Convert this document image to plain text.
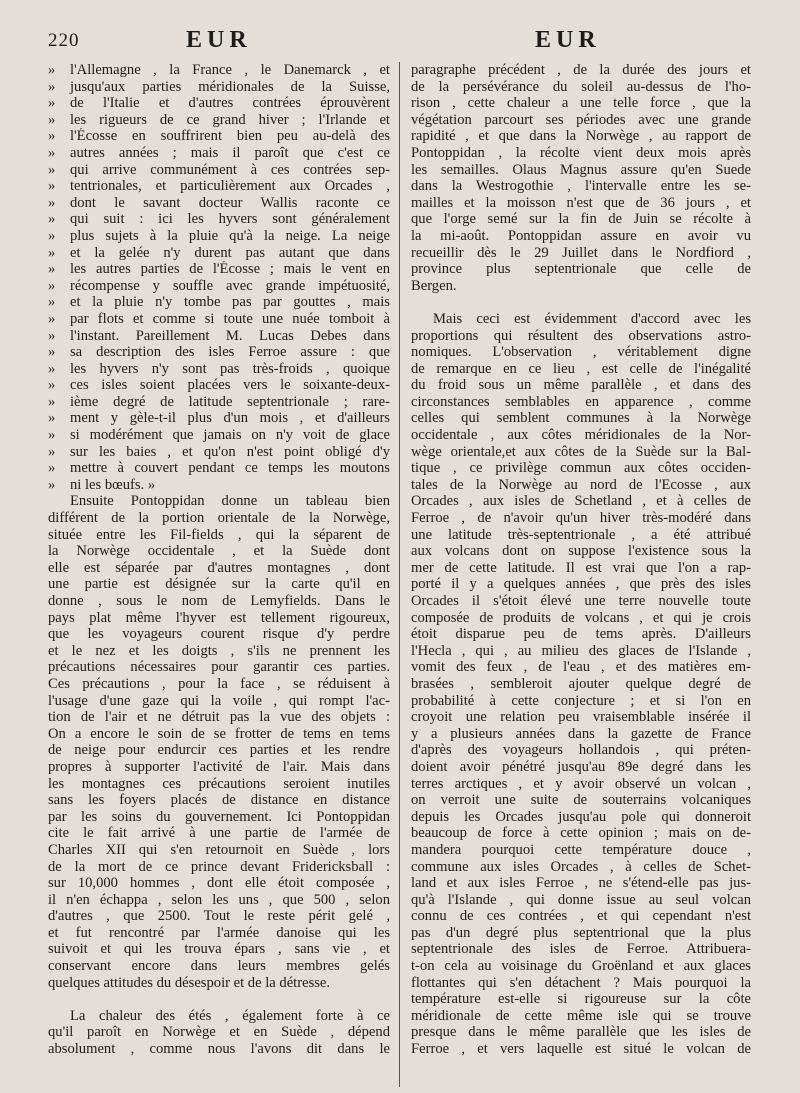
220	EUR	EUR
» l'Allemagne , la France , le Danemarck , et
» jusqu'aux parties méridionales de la Suisse,
» de l'Italie et d'autres contrées éprouvèrent
» les rigueurs de ce grand hiver ; l'Irlande et
» l'Écosse en souffrirent bien peu au-delà des
» autres années ; mais il paroît que c'est ce
» qui arrive communément à ces contrées sep-
» tentrionales, et particulièrement aux Orcades ,
» dont le savant docteur Wallis raconte ce
» qui suit : ici les hyvers sont généralement
» plus sujets à la pluie qu'à la neige. La neige
» et la gelée n'y durent pas autant que dans
» les autres parties de l'Écosse ; mais le vent en
» récompense y souffle avec grande impétuosité,
» et la pluie n'y tombe pas par gouttes , mais
» par flots et comme si toute une nuée tomboit à
» l'instant. Pareillement M. Lucas Debes dans
» sa description des isles Ferroe assure : que
» les hyvers n'y sont pas très-froids , quoique
» ces isles soient placées vers le soixante-deux-
» ième degré de latitude septentrionale ; rare-
» ment y gèle-t-il plus d'un mois , et d'ailleurs
» si modérément que jamais on n'y voit de glace
» sur les baies , et qu'on n'est point obligé d'y
» mettre à couvert pendant ce temps les moutons
» ni les bœufs. »
Ensuite Pontoppidan donne un tableau bien
différent de la portion orientale de la Norwège,
située entre les Fil-fields , qui la séparent de
la Norwège occidentale , et la Suède dont
elle est séparée par d'autres montagnes , dont
une partie est désignée sur la carte qu'il en
donne , sous le nom de Lemyfields. Dans le
pays plat même l'hyver est tellement rigoureux,
que les voyageurs courent risque d'y perdre
et le nez et les doigts , s'ils ne prennent les
précautions nécessaires pour garantir ces parties.
Ces précautions , pour la face , se réduisent à
l'usage d'une gaze qui la voile , qui rompt l'ac-
tion de l'air et ne détruit pas la vue des objets :
On a encore le soin de se frotter de tems en tems
de neige pour endurcir ces parties et les rendre
propres à supporter l'activité de l'air. Mais dans
les montagnes ces précautions seroient inutiles
sans les foyers placés de distance en distance
par les soins du gouvernement. Ici Pontoppidan
cite le fait arrivé à une partie de l'armée de
Charles XII qui s'en retournoit en Suède , lors
de la mort de ce prince devant Fridericksball :
sur 10,000 hommes , dont elle étoit composée ,
il n'en échappa , selon les uns , que 500 , selon
d'autres , que 2500. Tout le reste périt gelé ,
et fut rencontré par l'armée danoise qui les
suivoit et qui les trouva épars , sans vie , et
conservant encore dans leurs membres gelés
quelques attitudes du désespoir et de la détresse.
La chaleur des étés , également forte à ce
qu'il paroît en Norwège et en Suède , dépend
absolument , comme nous l'avons dit dans le
paragraphe précédent , de la durée des jours et
de la persévérance du soleil au-dessus de l'ho-
rison , cette chaleur a une telle force , que la
végétation parcourt ses périodes avec une grande
rapidité , et que dans la Norwège , au rapport de
Pontoppidan , la récolte vient deux mois après
les semailles. Olaus Magnus assure qu'en Suede
dans la Westrogothie , l'intervalle entre les se-
mailles et la moisson n'est que de 36 jours , et
que l'orge semé sur la fin de Juin se récolte à
la mi-août. Pontoppidan assure en avoir vu
recueillir dès le 29 Juillet dans le Nordfiord ,
province plus septentrionale que celle de
Bergen.
Mais ceci est évidemment d'accord avec les
proportions qui résultent des observations astro-
nomiques. L'observation , véritablement digne
de remarque en ce lieu , est celle de l'inégalité
du froid sous un même parallèle , et dans des
circonstances semblables en apparence , comme
celles qui semblent communes à la Norwège
occidentale , aux côtes méridionales de la Nor-
wège orientale,et aux côtes de la Suède sur la Bal-
tique , ce privilège commun aux côtes occiden-
tales de la Norwège au nord de l'Ecosse , aux
Orcades , aux isles de Schetland , et à celles de
Ferroe , de n'avoir qu'un hiver très-modéré dans
une latitude très-septentrionale , a été attribué
aux volcans dont on suppose l'existence sous la
mer de cette latitude. Il est vrai que l'on a rap-
porté il y a quelques années , que près des isles
Orcades il s'étoit élevé une terre nouvelle toute
composée de produits de volcans , et qui je crois
étoit disparue peu de tems après. D'ailleurs
l'Hecla , qui , au milieu des glaces de l'Islande ,
vomit des feux , de l'eau , et des matières em-
brasées , sembleroit ajouter quelque degré de
probabilité à cette conjecture ; et si l'on en
croyoit une relation peu vraisemblable insérée il
y a plusieurs années dans la gazette de France
d'après des voyageurs hollandois , qui préten-
doient avoir pénétré jusqu'au 89e degré dans les
terres arctiques , et y avoir observé un volcan ,
on verroit une suite de souterrains volcaniques
depuis les Orcades jusqu'au pole qui donneroit
beaucoup de force à cette opinion ; mais on de-
mandera pourquoi cette température douce ,
commune aux isles Orcades , à celles de Schet-
land et aux isles Ferroe , ne s'étend-elle pas jus-
qu'à l'Islande , qui donne issue au seul volcan
connu de ces contrées , et qui cependant n'est
pas d'un degré plus septentrional que la plus
septentrionale des isles de Ferroe. Attribuera-
t-on cela au voisinage du Groënland et aux glaces
flottantes qui s'en détachent ? Mais pourquoi la
température est-elle si rigoureuse sur la côte
méridionale de cette même isle qui se trouve
presque dans le même parallèle que les isles de
Ferroe , et vers laquelle est situé le volcan de
